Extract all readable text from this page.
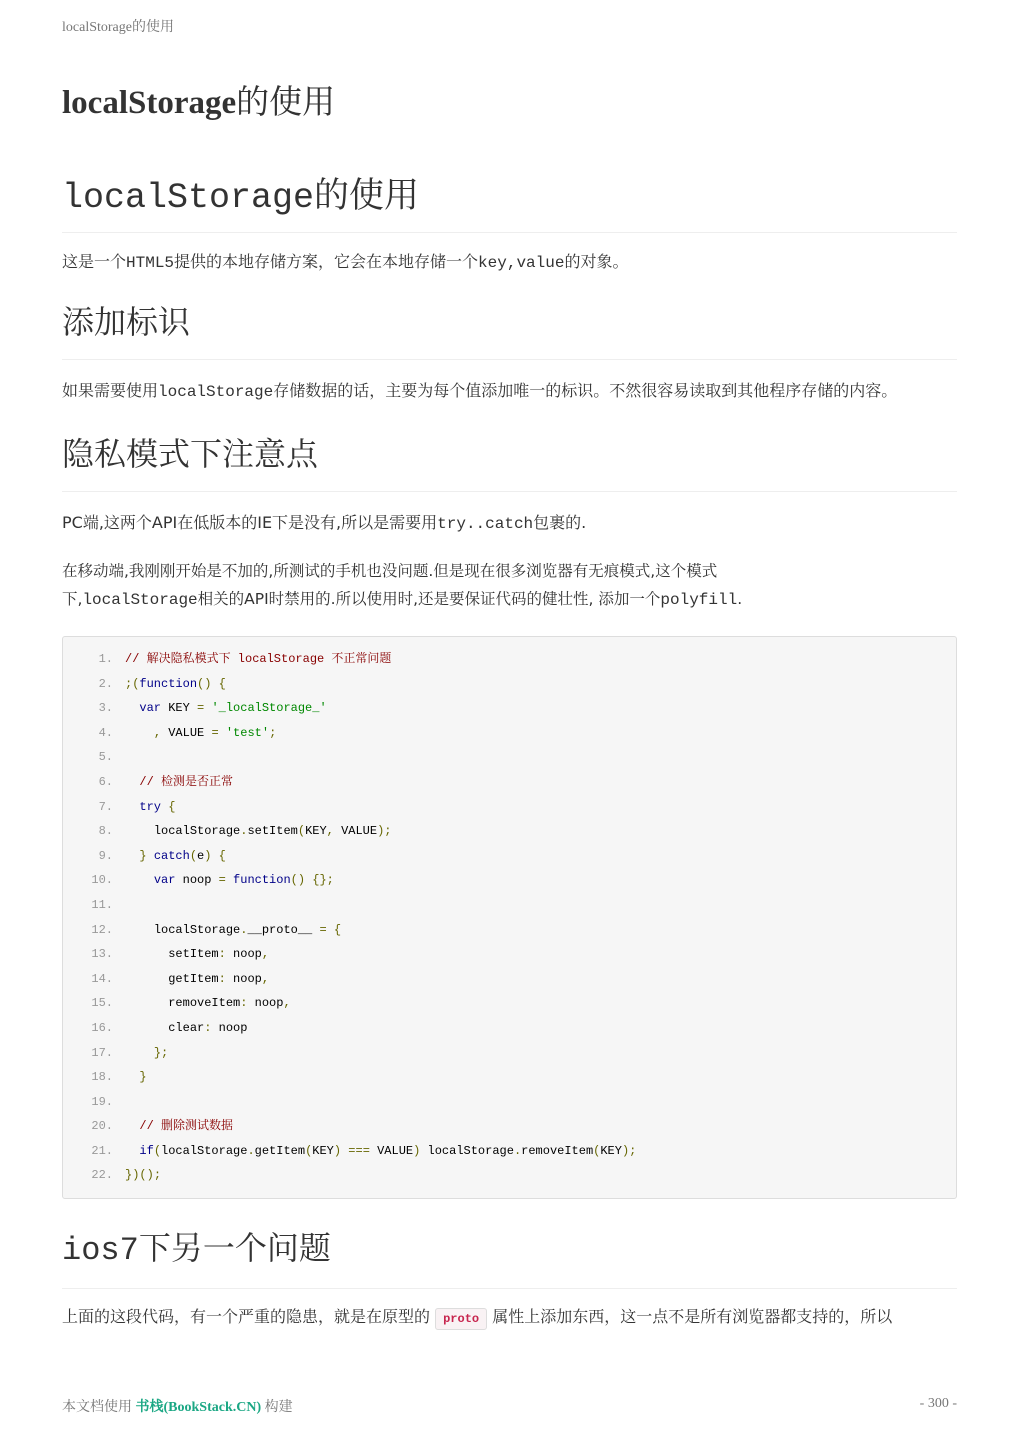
localStorage的使用
localStorage的使用
localStorage的使用

这是一个HTML5提供的本地存储方案，它会在本地存储一个key,value的对象。

添加标识

如果需要使用localStorage存储数据的话，主要为每个值添加唯一的标识。不然很容易读取到其他程序存储的内容。

隐私模式下注意点

PC端,这两个API在低版本的IE下是没有,所以是需要用try..catch包裹的.

在移动端,我刚刚开始是不加的,所测试的手机也没问题.但是现在很多浏览器有无痕模式,这个模式
下,localStorage相关的API时禁用的.所以使用时,还是要保证代码的健壮性, 添加一个polyfill.

1. // 解决隐私模式下 localStorage 不正常问题
2. ;(function() {
3. var KEY = '_localStorage_'
4.	, VALUE = 'test';
5.
6. // 检测是否正常
7. try {
8.	localStorage.setItem(KEY, VALUE);
9. } catch(e) {
10.	var noop = function() {};
11.
12.	localStorage.__proto__ = {
13.	setItem: noop,
14.	getItem: noop,
15.	removeItem: noop,
16.	clear: noop
17.	};
18. }
19.
20. // 删除测试数据
21. if(localStorage.getItem(KEY) === VALUE) localStorage.removeItem(KEY);
22. })();
ios7下另一个问题

上面的这段代码，有一个严重的隐患，就是在原型的 proto 属性上添加东西，这一点不是所有浏览器都支持的，所以

本文档使用 书栈(BookStack.CN) 构建	- 300 -
